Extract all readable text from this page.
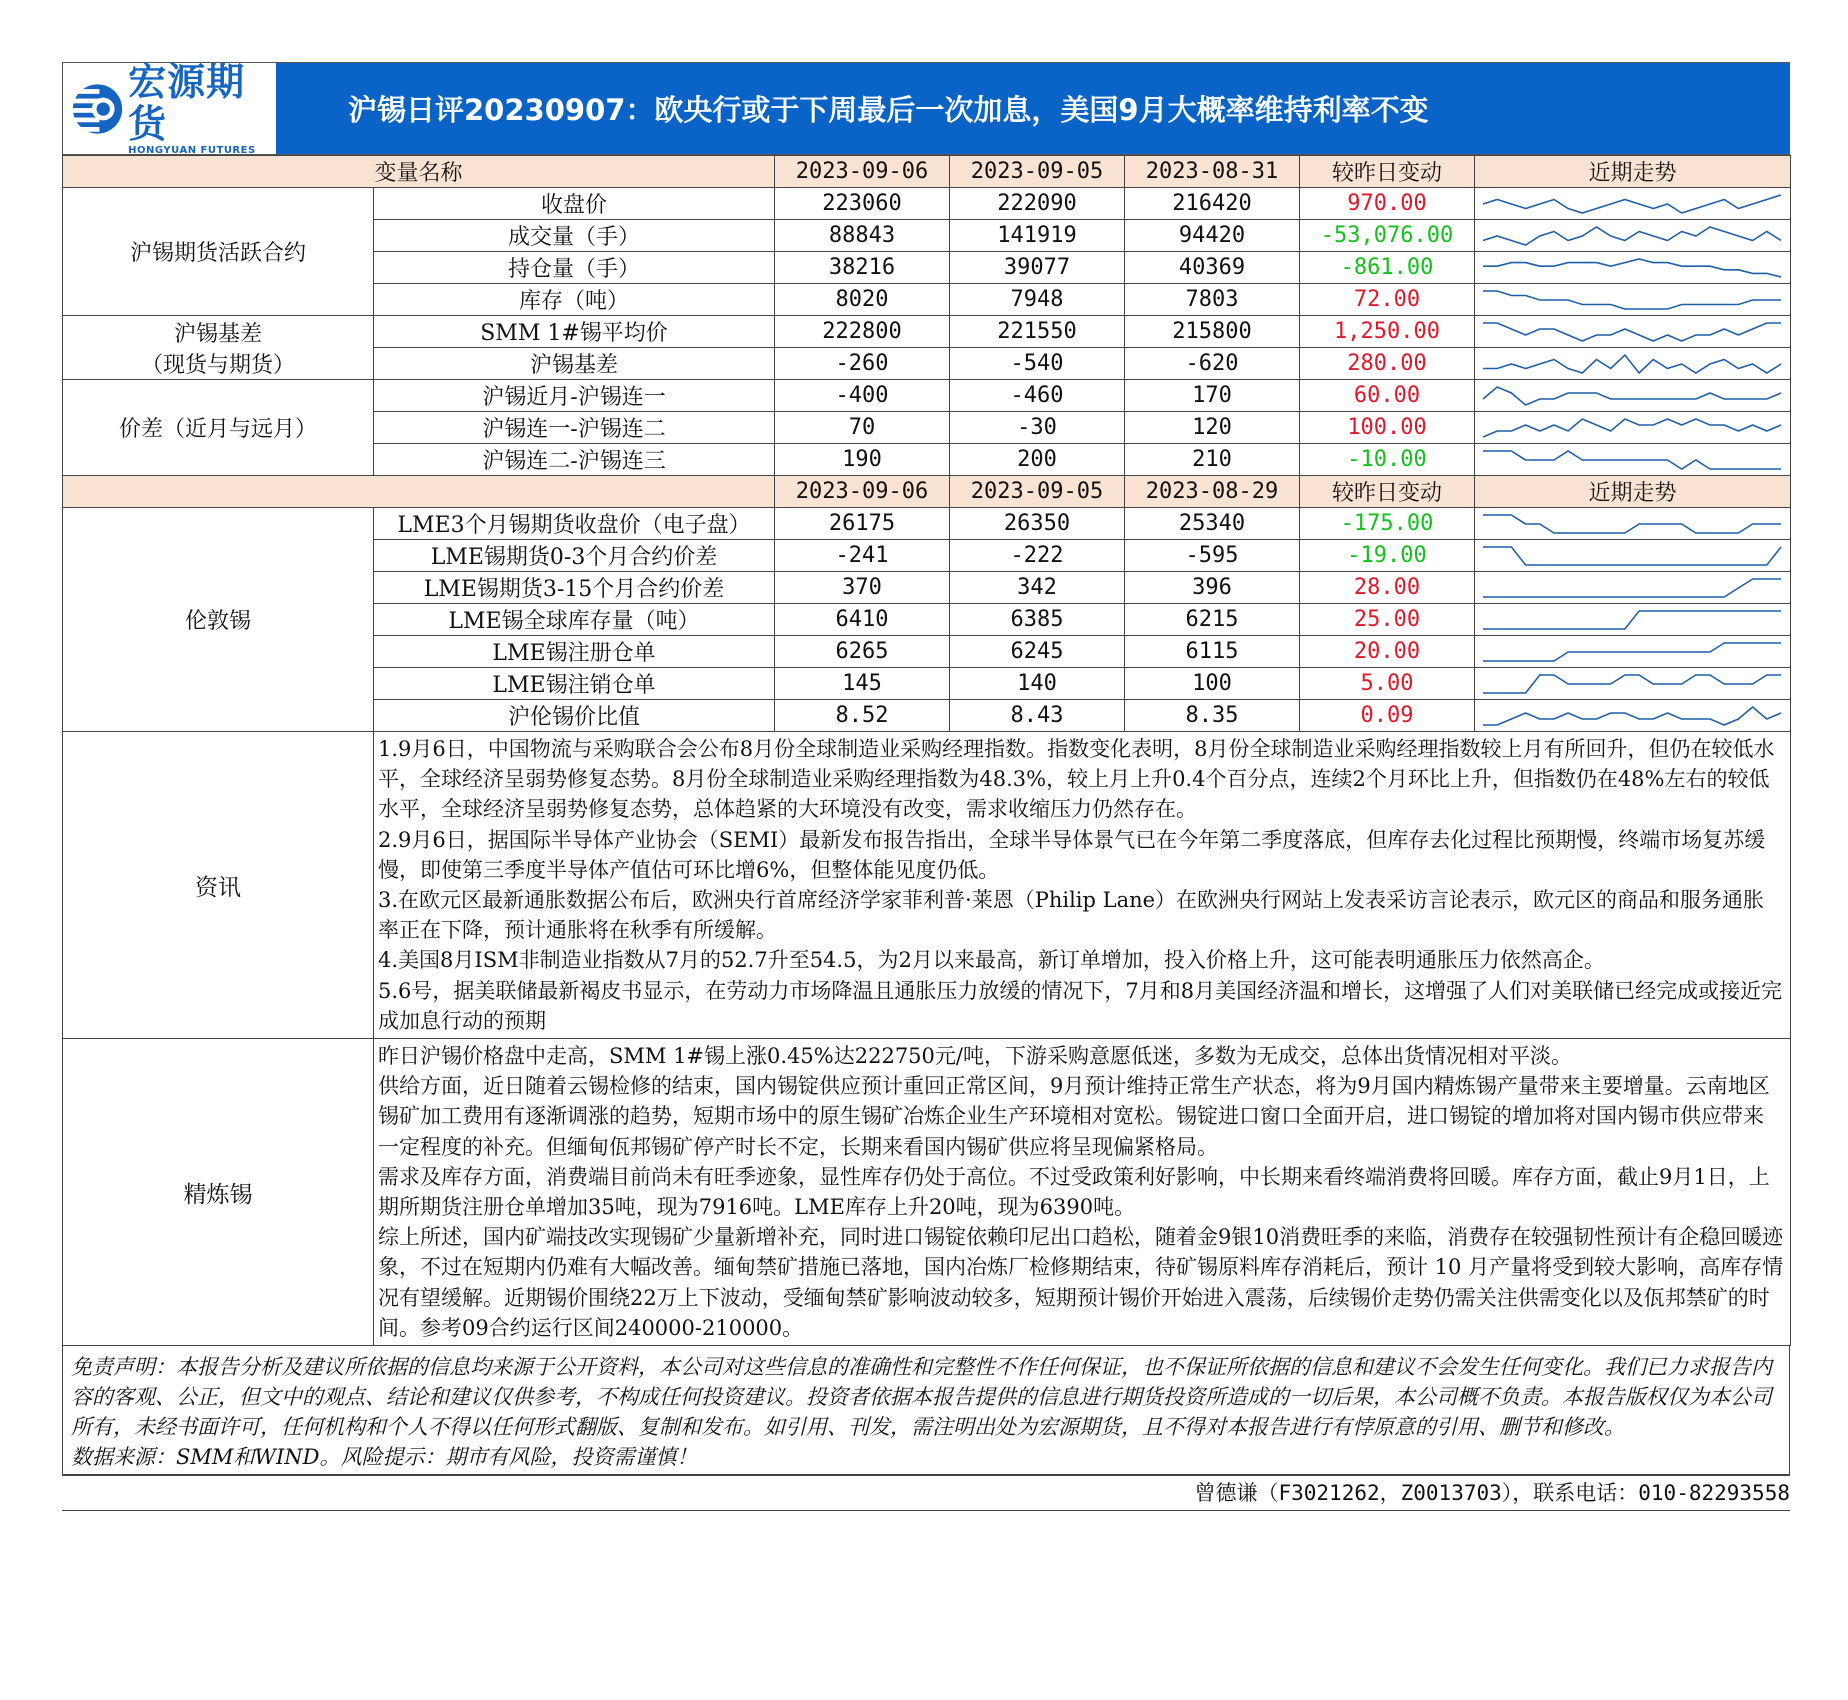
宏源期货
HONGYUAN FUTURES
沪锡日评20230907：欧央行或于下周最后一次加息，美国9月大概率维持利率不变
变量名称		2023-09-06	2023-09-05	2023-08-31	较昨日变动	近期走势
沪锡期货活跃合约	收盘价	223060	222090	216420	970.00	

	成交量（手）	88843	141919	94420	-53,076.00	

	持仓量（手）	38216	39077	40369	-861.00	

	库存（吨）	8020	7948	7803	72.00	

沪锡基差
（现货与期货）	SMM 1#锡平均价	222800	221550	215800	1,250.00	

	沪锡基差	-260	-540	-620	280.00	

价差（近月与远月）	沪锡近月-沪锡连一	-400	-460	170	60.00	

	沪锡连一-沪锡连二	70	-30	120	100.00	

	沪锡连二-沪锡连三	190	200	210	-10.00	

		2023-09-06	2023-09-05	2023-08-29	较昨日变动	近期走势
伦敦锡	LME3个月锡期货收盘价（电子盘）	26175	26350	25340	-175.00	

	LME锡期货0-3个月合约价差	-241	-222	-595	-19.00	

	LME锡期货3-15个月合约价差	370	342	396	28.00	

	LME锡全球库存量（吨）	6410	6385	6215	25.00	

	LME锡注册仓单	6265	6245	6115	20.00	

	LME锡注销仓单	145	140	100	5.00	

	沪伦锡价比值	8.52	8.43	8.35	0.09	

资讯	1.9月6日，中国物流与采购联合会公布8月份全球制造业采购经理指数。指数变化表明，8月份全球制造业采购经理指数较上月有所回升，但仍在较低水平，全球经济呈弱势修复态势。8月份全球制造业采购经理指数为48.3%，较上月上升0.4个百分点，连续2个月环比上升，但指数仍在48%左右的较低水平，全球经济呈弱势修复态势，总体趋紧的大环境没有改变，需求收缩压力仍然存在。

2.9月6日，据国际半导体产业协会（SEMI）最新发布报告指出，全球半导体景气已在今年第二季度落底，但库存去化过程比预期慢，终端市场复苏缓慢，即使第三季度半导体产值估可环比增6%，但整体能见度仍低。

3.在欧元区最新通胀数据公布后，欧洲央行首席经济学家菲利普·莱恩（Philip Lane）在欧洲央行网站上发表采访言论表示，欧元区的商品和服务通胀率正在下降，预计通胀将在秋季有所缓解。

4.美国8月ISM非制造业指数从7月的52.7升至54.5，为2月以来最高，新订单增加，投入价格上升，这可能表明通胀压力依然高企。

5.6号，据美联储最新褐皮书显示，在劳动力市场降温且通胀压力放缓的情况下，7月和8月美国经济温和增长，这增强了人们对美联储已经完成或接近完成加息行动的预期					

精炼锡	昨日沪锡价格盘中走高，SMM 1#锡上涨0.45%达222750元/吨，下游采购意愿低迷，多数为无成交，总体出货情况相对平淡。

供给方面，近日随着云锡检修的结束，国内锡锭供应预计重回正常区间，9月预计维持正常生产状态，将为9月国内精炼锡产量带来主要增量。云南地区锡矿加工费用有逐渐调涨的趋势，短期市场中的原生锡矿冶炼企业生产环境相对宽松。锡锭进口窗口全面开启，进口锡锭的增加将对国内锡市供应带来一定程度的补充。但缅甸佤邦锡矿停产时长不定，长期来看国内锡矿供应将呈现偏紧格局。

需求及库存方面，消费端目前尚未有旺季迹象，显性库存仍处于高位。不过受政策利好影响，中长期来看终端消费将回暖。库存方面，截止9月1日，上期所期货注册仓单增加35吨，现为7916吨。LME库存上升20吨，现为6390吨。

综上所述，国内矿端技改实现锡矿少量新增补充，同时进口锡锭依赖印尼出口趋松，随着金9银10消费旺季的来临，消费存在较强韧性预计有企稳回暖迹象，不过在短期内仍难有大幅改善。缅甸禁矿措施已落地，国内冶炼厂检修期结束，待矿锡原料库存消耗后，预计 10 月产量将受到较大影响，高库存情况有望缓解。近期锡价围绕22万上下波动，受缅甸禁矿影响波动较多，短期预计锡价开始进入震荡，后续锡价走势仍需关注供需变化以及佤邦禁矿的时间。参考09合约运行区间240000-210000。					

免责声明：本报告分析及建议所依据的信息均来源于公开资料，本公司对这些信息的准确性和完整性不作任何保证，也不保证所依据的信息和建议不会发生任何变化。我们已力求报告内容的客观、公正，但文中的观点、结论和建议仅供参考，不构成任何投资建议。投资者依据本报告提供的信息进行期货投资所造成的一切后果，本公司概不负责。本报告版权仅为本公司所有，未经书面许可，任何机构和个人不得以任何形式翻版、复制和发布。如引用、刊发，需注明出处为宏源期货，且不得对本报告进行有悖原意的引用、删节和修改。

数据来源：SMM和WIND。风险提示：期市有风险，投资需谨慎！

曾德谦（F3021262，Z0013703），联系电话：010-82293558
